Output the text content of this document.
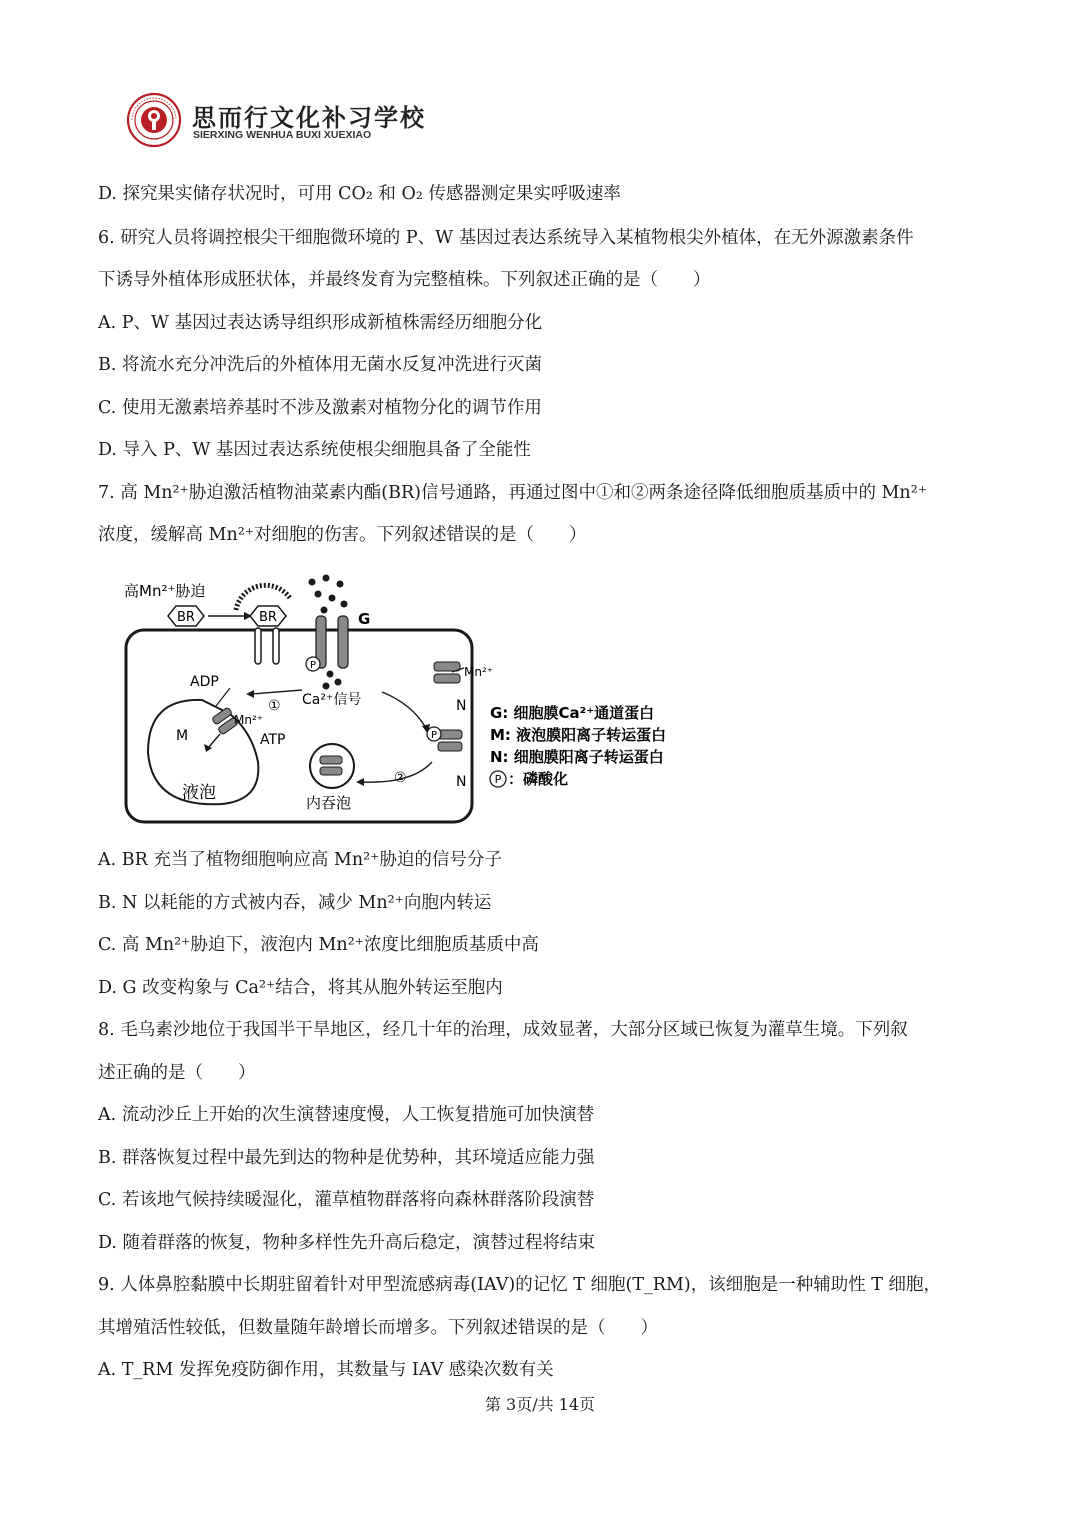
思而行文化补习学校
SIERXING WENHUA BUXI XUEXIAO
D. 探究果实储存状况时，可用 CO₂ 和 O₂ 传感器测定果实呼吸速率
6. 研究人员将调控根尖干细胞微环境的 P、W 基因过表达系统导入某植物根尖外植体，在无外源激素条件
下诱导外植体形成胚状体，并最终发育为完整植株。下列叙述正确的是（　　）
A. P、W 基因过表达诱导组织形成新植株需经历细胞分化
B. 将流水充分冲洗后的外植体用无菌水反复冲洗进行灭菌
C. 使用无激素培养基时不涉及激素对植物分化的调节作用
D. 导入 P、W 基因过表达系统使根尖细胞具备了全能性
7. 高 Mn²⁺胁迫激活植物油菜素内酯(BR)信号通路，再通过图中①和②两条途径降低细胞质基质中的 Mn²⁺
浓度，缓解高 Mn²⁺对细胞的伤害。下列叙述错误的是（　　）
高Mn²⁺胁迫
BR	BR	G
P
Ca²⁺信号
①
液泡
ADP
M
Mn²⁺
ATP
Mn²⁺
N
P
N
②
内吞泡
G: 细胞膜Ca²⁺通道蛋白
M: 液泡膜阳离子转运蛋白
N: 细胞膜阳离子转运蛋白
P ：磷酸化
A. BR 充当了植物细胞响应高 Mn²⁺胁迫的信号分子
B. N 以耗能的方式被内吞，减少 Mn²⁺向胞内转运
C. 高 Mn²⁺胁迫下，液泡内 Mn²⁺浓度比细胞质基质中高
D. G 改变构象与 Ca²⁺结合，将其从胞外转运至胞内
8. 毛乌素沙地位于我国半干旱地区，经几十年的治理，成效显著，大部分区域已恢复为灌草生境。下列叙
述正确的是（　　）
A. 流动沙丘上开始的次生演替速度慢，人工恢复措施可加快演替
B. 群落恢复过程中最先到达的物种是优势种，其环境适应能力强
C. 若该地气候持续暖湿化，灌草植物群落将向森林群落阶段演替
D. 随着群落的恢复，物种多样性先升高后稳定，演替过程将结束
9. 人体鼻腔黏膜中长期驻留着针对甲型流感病毒(IAV)的记忆 T 细胞(T_RM)，该细胞是一种辅助性 T 细胞，
其增殖活性较低，但数量随年龄增长而增多。下列叙述错误的是（　　）
A. T_RM 发挥免疫防御作用，其数量与 IAV 感染次数有关
第 3页/共 14页
